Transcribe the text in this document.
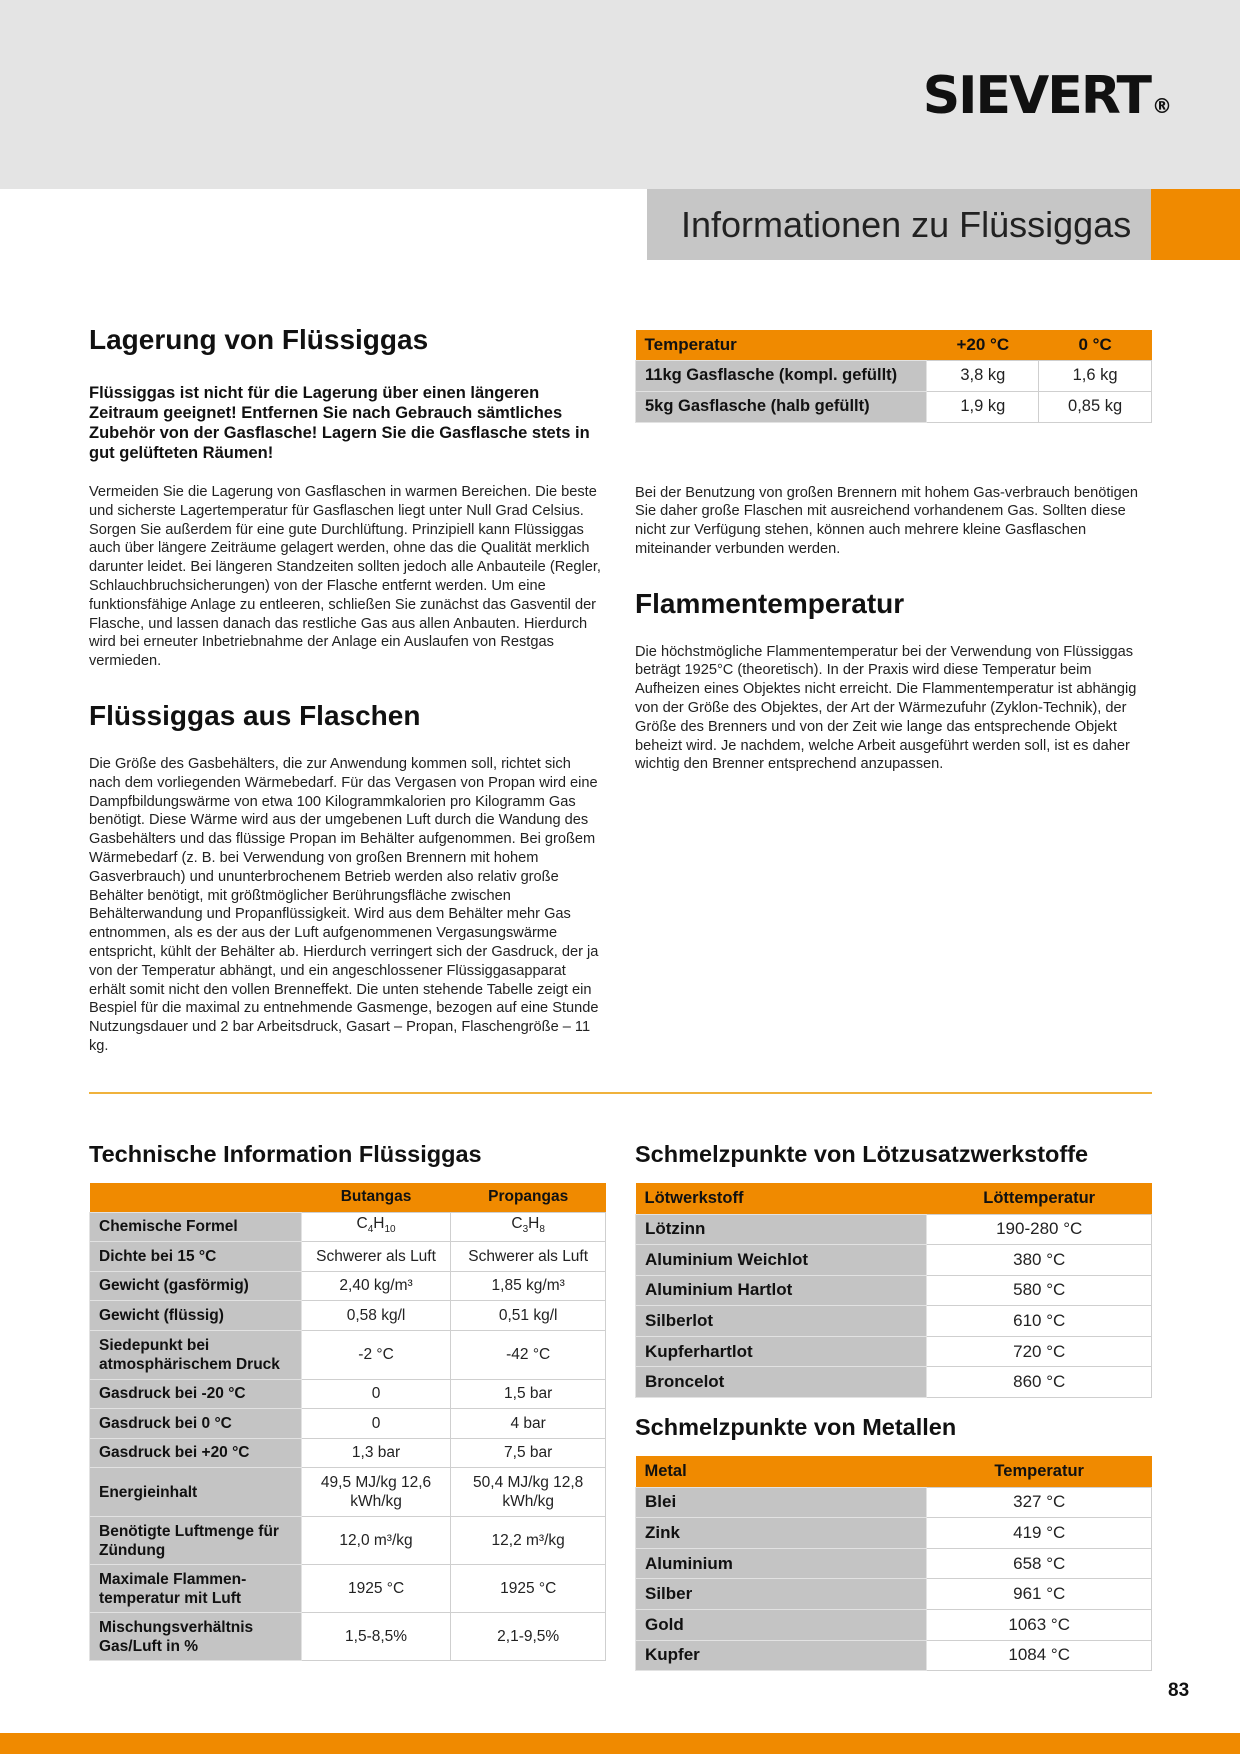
SIEVERT ®
Informationen zu Flüssiggas
Lagerung von Flüssiggas

Flüssiggas ist nicht für die Lagerung über einen längeren Zeitraum geeignet! Entfernen Sie nach Gebrauch sämtliches Zubehör von der Gasflasche! Lagern Sie die Gasflasche stets in gut gelüfteten Räumen!

Vermeiden Sie die Lagerung von Gasflaschen in warmen Bereichen. Die beste und sicherste Lagertemperatur für Gasflaschen liegt unter Null Grad Celsius. Sorgen Sie außerdem für eine gute Durchlüftung. Prinzipiell kann Flüssiggas auch über längere Zeiträume gelagert werden, ohne das die Qualität merklich darunter leidet. Bei längeren Standzeiten sollten jedoch alle Anbauteile (Regler, Schlauchbruchsicherungen) von der Flasche entfernt werden. Um eine funktionsfähige Anlage zu entleeren, schließen Sie zunächst das Gasventil der Flasche, und lassen danach das restliche Gas aus allen Anbauten. Hierdurch wird bei erneuter Inbetriebnahme der Anlage ein Auslaufen von Restgas vermieden.

Flüssiggas aus Flaschen

Die Größe des Gasbehälters, die zur Anwendung kommen soll, richtet sich nach dem vorliegenden Wärmebedarf. Für das Vergasen von Propan wird eine Dampfbildungswärme von etwa 100 Kilogrammkalorien pro Kilogramm Gas benötigt. Diese Wärme wird aus der umgebenen Luft durch die Wandung des Gasbehälters und das flüssige Propan im Behälter aufgenommen. Bei großem Wärmebedarf (z. B. bei Verwendung von großen Brennern mit hohem Gasverbrauch) und ununterbrochenem Betrieb werden also relativ große Behälter benötigt, mit größtmöglicher Berührungsfläche zwischen Behälterwandung und Propanflüssigkeit. Wird aus dem Behälter mehr Gas entnommen, als es der aus der Luft aufgenommenen Vergasungswärme entspricht, kühlt der Behälter ab. Hierdurch verringert sich der Gasdruck, der ja von der Temperatur abhängt, und ein angeschlossener Flüssiggasapparat erhält somit nicht den vollen Brenneffekt. Die unten stehende Tabelle zeigt ein Bespiel für die maximal zu entnehmende Gasmenge, bezogen auf eine Stunde Nutzungsdauer und 2 bar Arbeitsdruck, Gasart – Propan, Flaschengröße – 11 kg.

Temperatur	+20 °C	0 °C
11kg Gasflasche (kompl. gefüllt)	3,8 kg	1,6 kg
5kg Gasflasche (halb gefüllt)	1,9 kg	0,85 kg

Bei der Benutzung von großen Brennern mit hohem Gas-verbrauch benötigen Sie daher große Flaschen mit ausreichend vorhandenem Gas. Sollten diese nicht zur Verfügung stehen, können auch mehrere kleine Gasflaschen miteinander verbunden werden.

Flammentemperatur

Die höchstmögliche Flammentemperatur bei der Verwendung von Flüssiggas beträgt 1925°C (theoretisch). In der Praxis wird diese Temperatur beim Aufheizen eines Objektes nicht erreicht. Die Flammentemperatur ist abhängig von der Größe des Objektes, der Art der Wärmezufuhr (Zyklon-Technik), der Größe des Brenners und von der Zeit wie lange das entsprechende Objekt beheizt wird. Je nachdem, welche Arbeit ausgeführt werden soll, ist es daher wichtig den Brenner entsprechend anzupassen.

Technische Information Flüssiggas
	Butangas	Propangas
Chemische Formel	$C_4H_{10}$	$C_3H_8$
Dichte bei 15 °C	Schwerer als Luft	Schwerer als Luft
Gewicht (gasförmig)	2,40 kg/m³	1,85 kg/m³
Gewicht (flüssig)	0,58 kg/l	0,51 kg/l
Siedepunkt bei atmosphärischem Druck	-2 °C	-42 °C
Gasdruck bei -20 °C	0	1,5 bar
Gasdruck bei 0 °C	0	4 bar
Gasdruck bei +20 °C	1,3 bar	7,5 bar
Energieinhalt	49,5 MJ/kg 12,6 kWh/kg	50,4 MJ/kg 12,8 kWh/kg
Benötigte Luftmenge für Zündung	12,0 m³/kg	12,2 m³/kg
Maximale Flammen-temperatur mit Luft	1925 °C	1925 °C
Mischungsverhältnis Gas/Luft in %	1,5-8,5%	2,1-9,5%
Schmelzpunkte von Lötzusatzwerkstoffe
Lötwerkstoff	Löttemperatur
Lötzinn	190-280 °C
Aluminium Weichlot	380 °C
Aluminium Hartlot	580 °C
Silberlot	610 °C
Kupferhartlot	720 °C
Broncelot	860 °C
Schmelzpunkte von Metallen
Metal	Temperatur
Blei	327 °C
Zink	419 °C
Aluminium	658 °C
Silber	961 °C
Gold	1063 °C
Kupfer	1084 °C
83
